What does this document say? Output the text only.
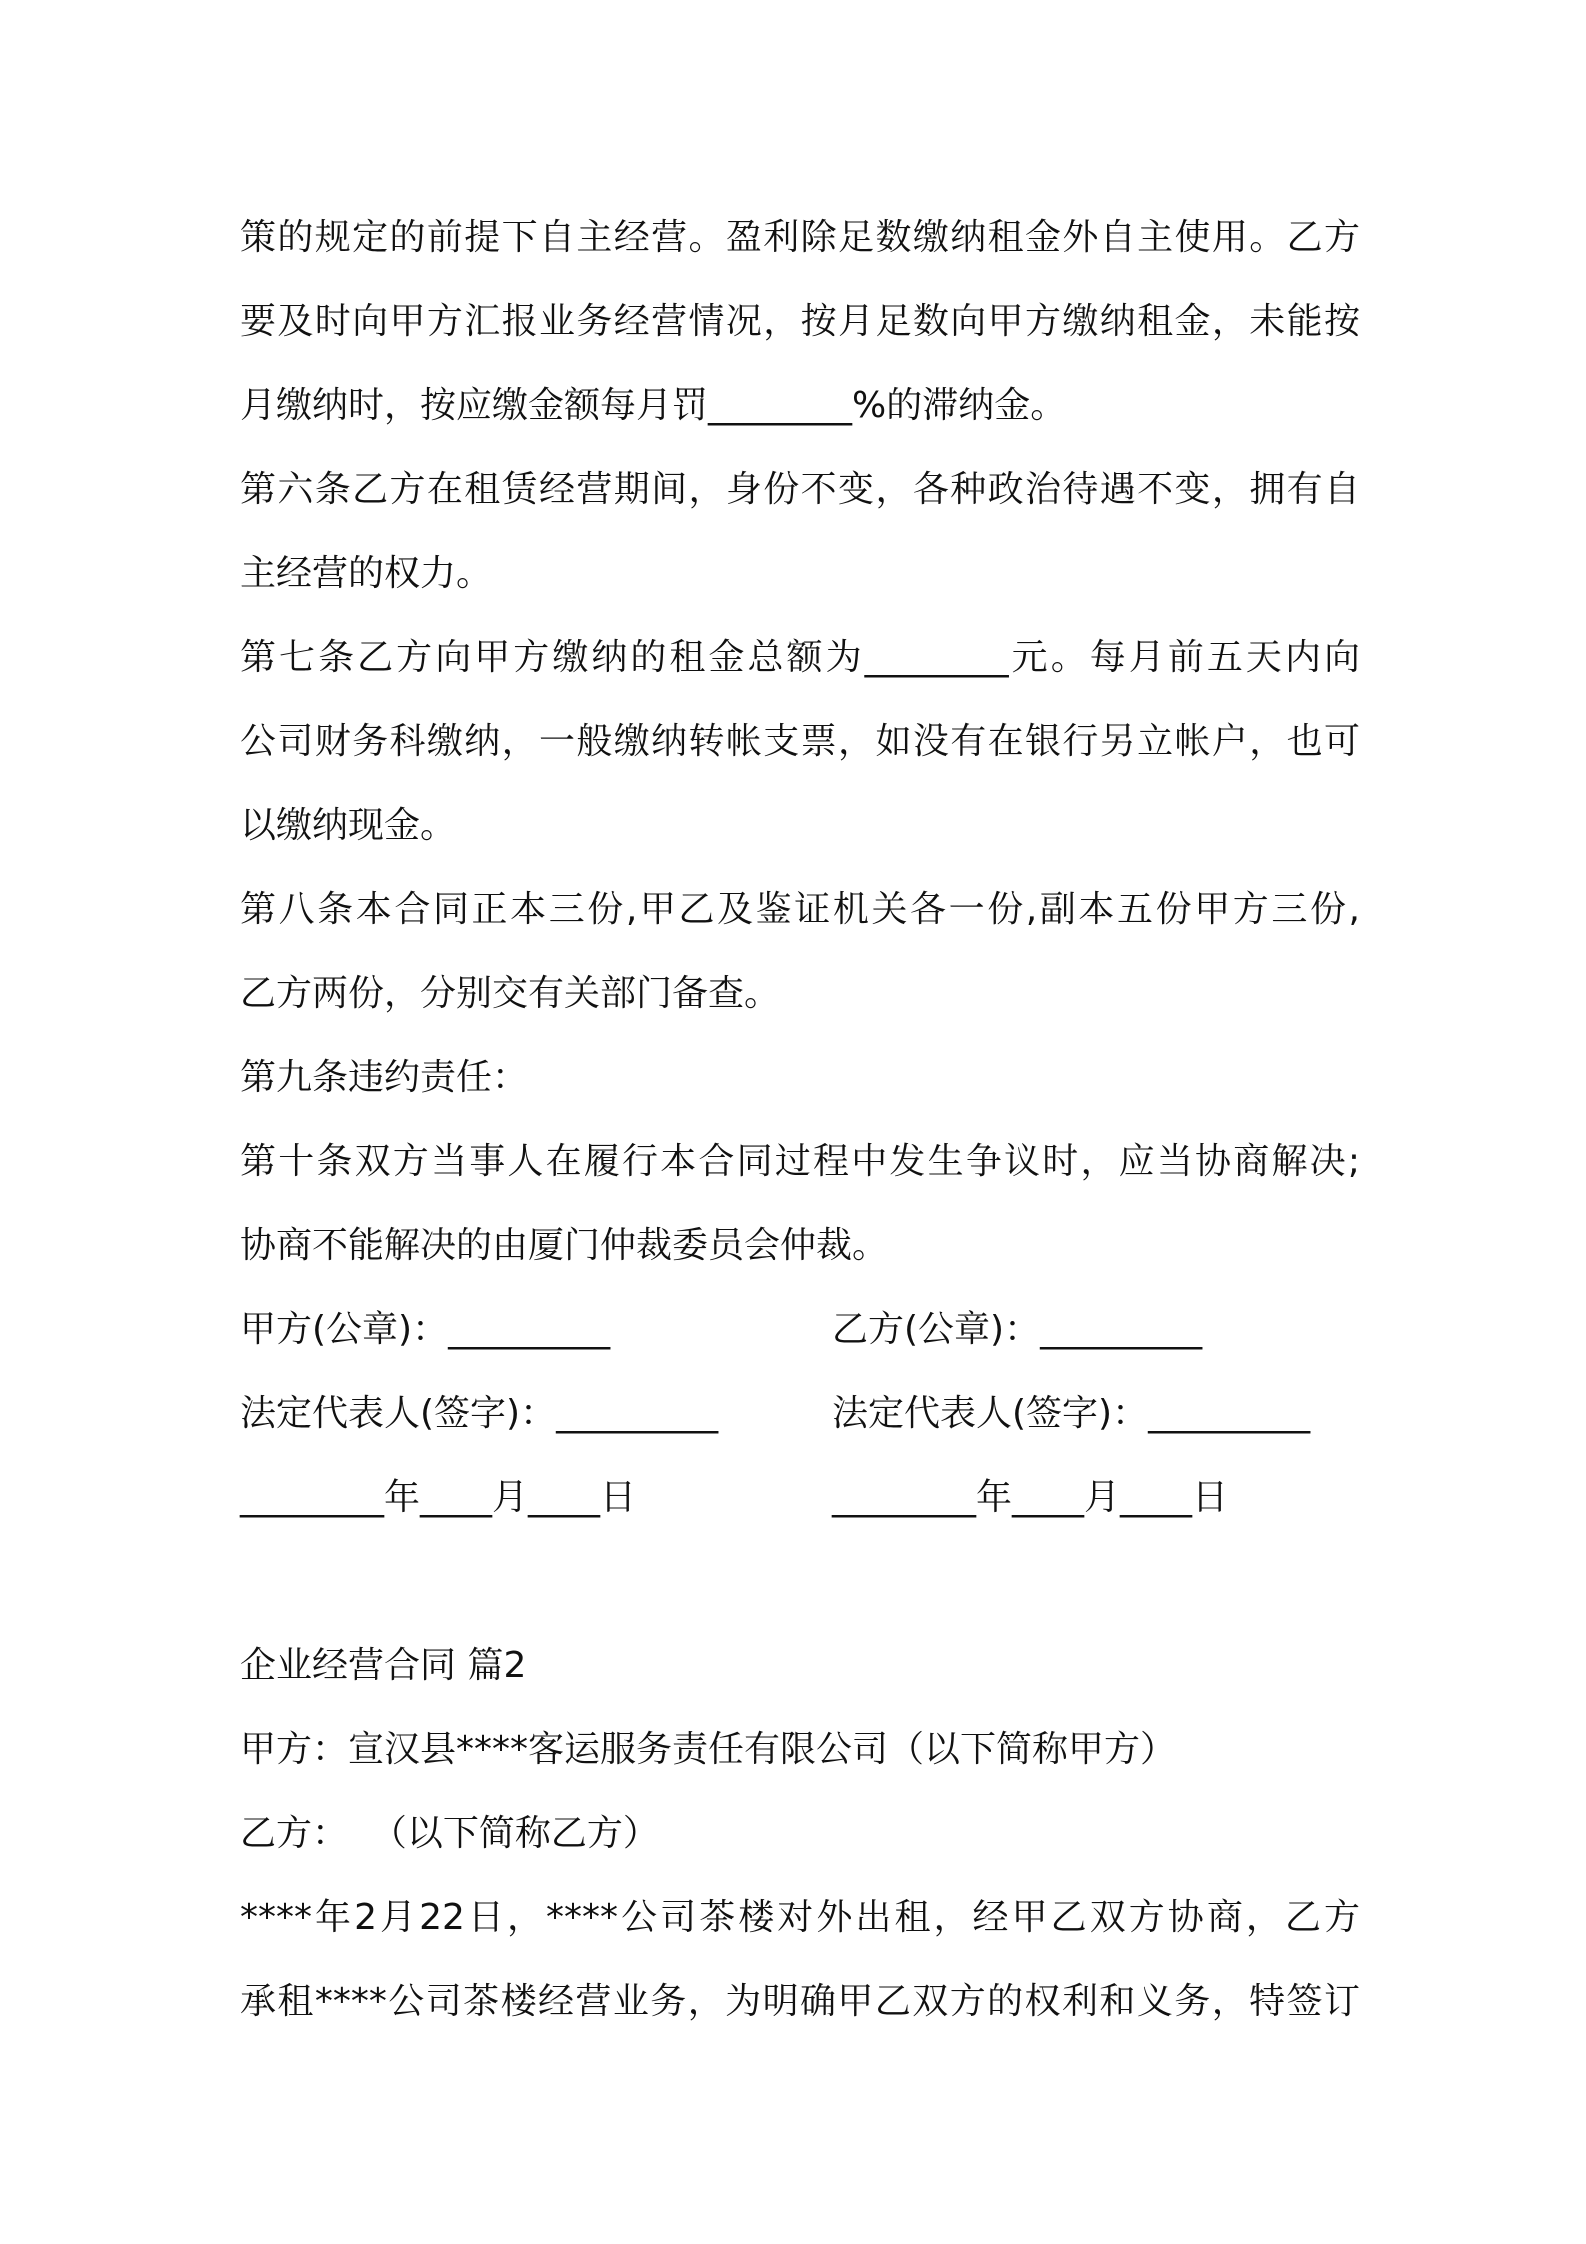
策的规定的前提下自主经营。盈利除足数缴纳租金外自主使用。乙方
要及时向甲方汇报业务经营情况，按月足数向甲方缴纳租金，未能按
月缴纳时，按应缴金额每月罚________%的滞纳金。
第六条乙方在租赁经营期间，身份不变，各种政治待遇不变，拥有自
主经营的权力。
第七条乙方向甲方缴纳的租金总额为________元。每月前五天内向
公司财务科缴纳，一般缴纳转帐支票，如没有在银行另立帐户，也可
以缴纳现金。
第八条本合同正本三份,甲乙及鉴证机关各一份,副本五份甲方三份,
乙方两份，分别交有关部门备查。
第九条违约责任：
第十条双方当事人在履行本合同过程中发生争议时，应当协商解决;
协商不能解决的由厦门仲裁委员会仲裁。
甲方(公章)：_________	乙方(公章)：_________
法定代表人(签字)：_________	法定代表人(签字)：_________
________年____月____日	________年____月____日
企业经营合同 篇2
甲方：宣汉县****客运服务责任有限公司（以下简称甲方）
乙方：  （以下简称乙方）
****年2月22日，****公司茶楼对外出租，经甲乙双方协商，乙方
承租****公司茶楼经营业务，为明确甲乙双方的权利和义务，特签订
